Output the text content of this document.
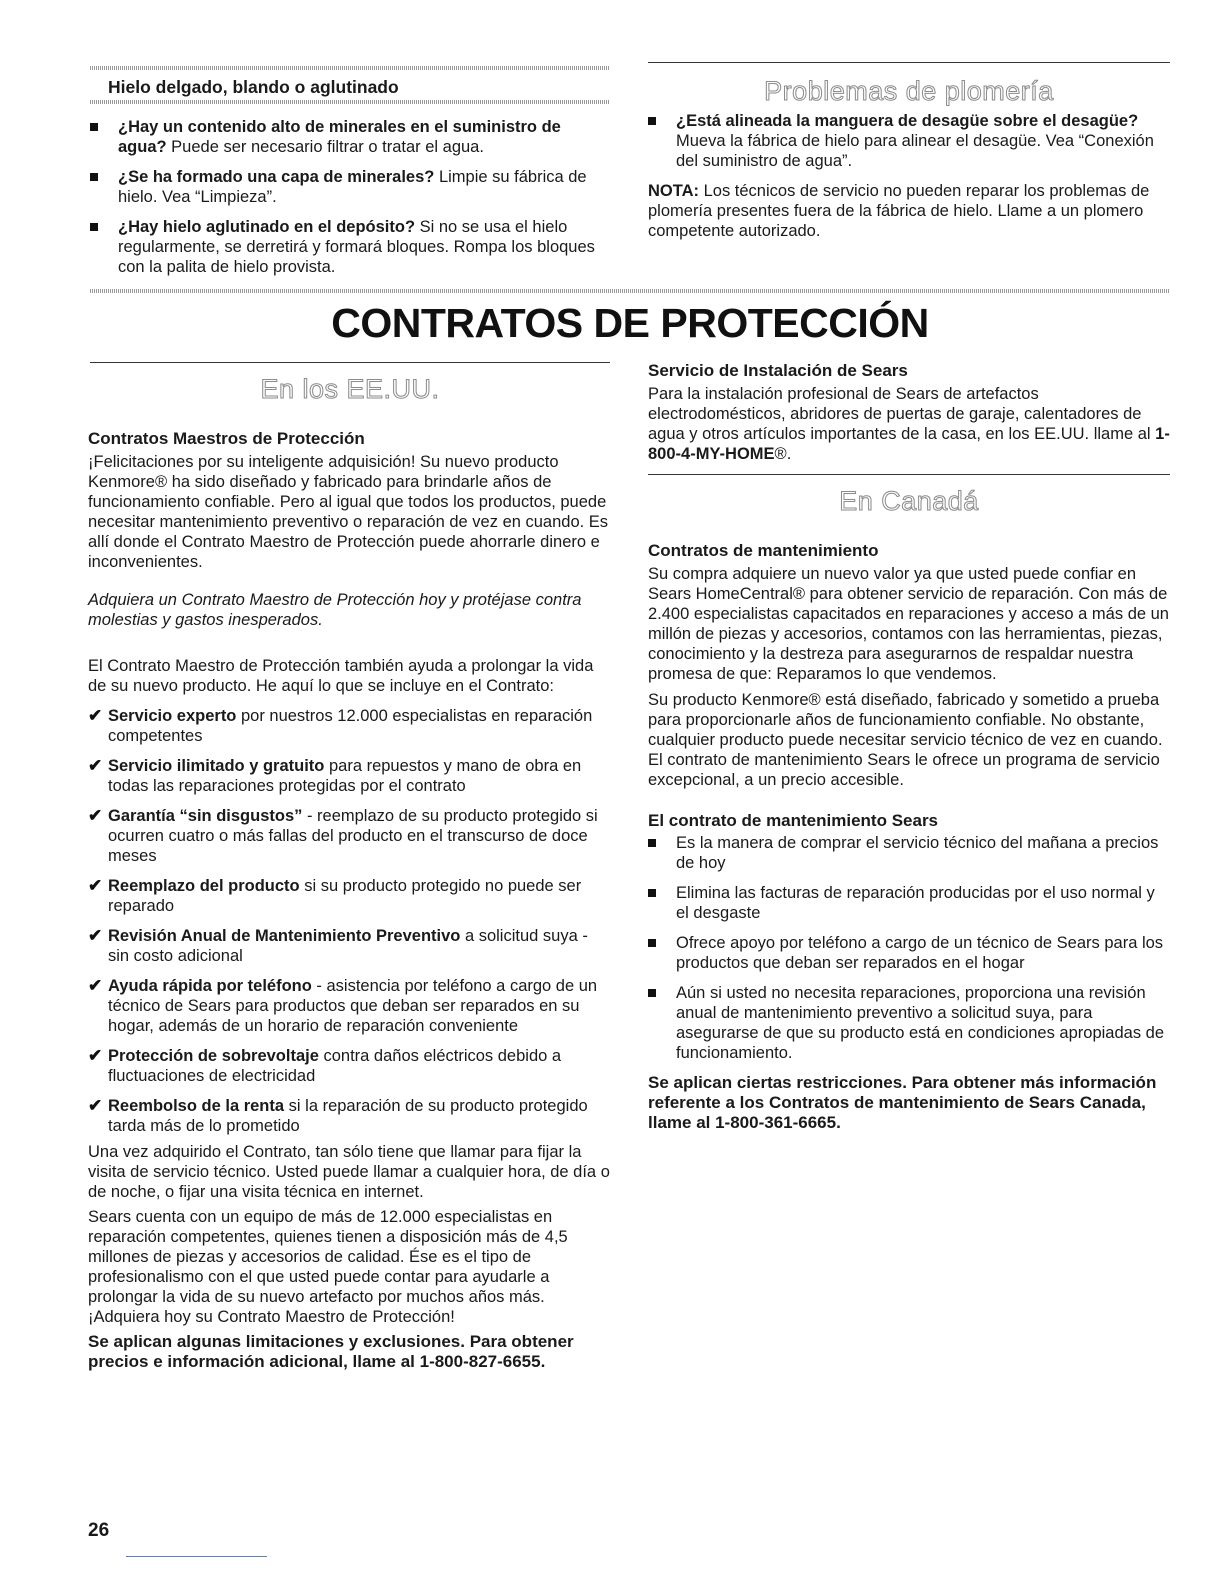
Hielo delgado, blando o aglutinado
¿Hay un contenido alto de minerales en el suministro de agua? Puede ser necesario filtrar o tratar el agua.
¿Se ha formado una capa de minerales? Limpie su fábrica de hielo. Vea “Limpieza”.
¿Hay hielo aglutinado en el depósito? Si no se usa el hielo regularmente, se derretirá y formará bloques. Rompa los bloques con la palita de hielo provista.
Problemas de plomería
¿Está alineada la manguera de desagüe sobre el desagüe? Mueva la fábrica de hielo para alinear el desagüe. Vea “Conexión del suministro de agua”.

NOTA: Los técnicos de servicio no pueden reparar los problemas de plomería presentes fuera de la fábrica de hielo. Llame a un plomero competente autorizado.

CONTRATOS DE PROTECCIÓN
En los EE.UU.
Contratos Maestros de Protección

¡Felicitaciones por su inteligente adquisición! Su nuevo producto Kenmore® ha sido diseñado y fabricado para brindarle años de funcionamiento confiable. Pero al igual que todos los productos, puede necesitar mantenimiento preventivo o reparación de vez en cuando. Es allí donde el Contrato Maestro de Protección puede ahorrarle dinero e inconvenientes.

Adquiera un Contrato Maestro de Protección hoy y protéjase contra molestias y gastos inesperados.

El Contrato Maestro de Protección también ayuda a prolongar la vida de su nuevo producto. He aquí lo que se incluye en el Contrato:

✔ Servicio experto por nuestros 12.000 especialistas en reparación competentes
✔ Servicio ilimitado y gratuito para repuestos y mano de obra en todas las reparaciones protegidas por el contrato
✔ Garantía “sin disgustos” - reemplazo de su producto protegido si ocurren cuatro o más fallas del producto en el transcurso de doce meses
✔ Reemplazo del producto si su producto protegido no puede ser reparado
✔ Revisión Anual de Mantenimiento Preventivo a solicitud suya - sin costo adicional
✔ Ayuda rápida por teléfono - asistencia por teléfono a cargo de un técnico de Sears para productos que deban ser reparados en su hogar, además de un horario de reparación conveniente
✔ Protección de sobrevoltaje contra daños eléctricos debido a fluctuaciones de electricidad
✔ Reembolso de la renta si la reparación de su producto protegido tarda más de lo prometido

Una vez adquirido el Contrato, tan sólo tiene que llamar para fijar la visita de servicio técnico. Usted puede llamar a cualquier hora, de día o de noche, o fijar una visita técnica en internet.

Sears cuenta con un equipo de más de 12.000 especialistas en reparación competentes, quienes tienen a disposición más de 4,5 millones de piezas y accesorios de calidad. Ése es el tipo de profesionalismo con el que usted puede contar para ayudarle a prolongar la vida de su nuevo artefacto por muchos años más. ¡Adquiera hoy su Contrato Maestro de Protección!

Se aplican algunas limitaciones y exclusiones. Para obtener precios e información adicional, llame al 1-800-827-6655.

Servicio de Instalación de Sears

Para la instalación profesional de Sears de artefactos electrodomésticos, abridores de puertas de garaje, calentadores de agua y otros artículos importantes de la casa, en los EE.UU. llame al 1-800-4-MY-HOME®.

En Canadá
Contratos de mantenimiento

Su compra adquiere un nuevo valor ya que usted puede confiar en Sears HomeCentral® para obtener servicio de reparación. Con más de 2.400 especialistas capacitados en reparaciones y acceso a más de un millón de piezas y accesorios, contamos con las herramientas, piezas, conocimiento y la destreza para asegurarnos de respaldar nuestra promesa de que: Reparamos lo que vendemos.

Su producto Kenmore® está diseñado, fabricado y sometido a prueba para proporcionarle años de funcionamiento confiable. No obstante, cualquier producto puede necesitar servicio técnico de vez en cuando. El contrato de mantenimiento Sears le ofrece un programa de servicio excepcional, a un precio accesible.

El contrato de mantenimiento Sears
Es la manera de comprar el servicio técnico del mañana a precios de hoy
Elimina las facturas de reparación producidas por el uso normal y el desgaste
Ofrece apoyo por teléfono a cargo de un técnico de Sears para los productos que deban ser reparados en el hogar
Aún si usted no necesita reparaciones, proporciona una revisión anual de mantenimiento preventivo a solicitud suya, para asegurarse de que su producto está en condiciones apropiadas de funcionamiento.

Se aplican ciertas restricciones. Para obtener más información referente a los Contratos de mantenimiento de Sears Canada, llame al 1-800-361-6665.

26
